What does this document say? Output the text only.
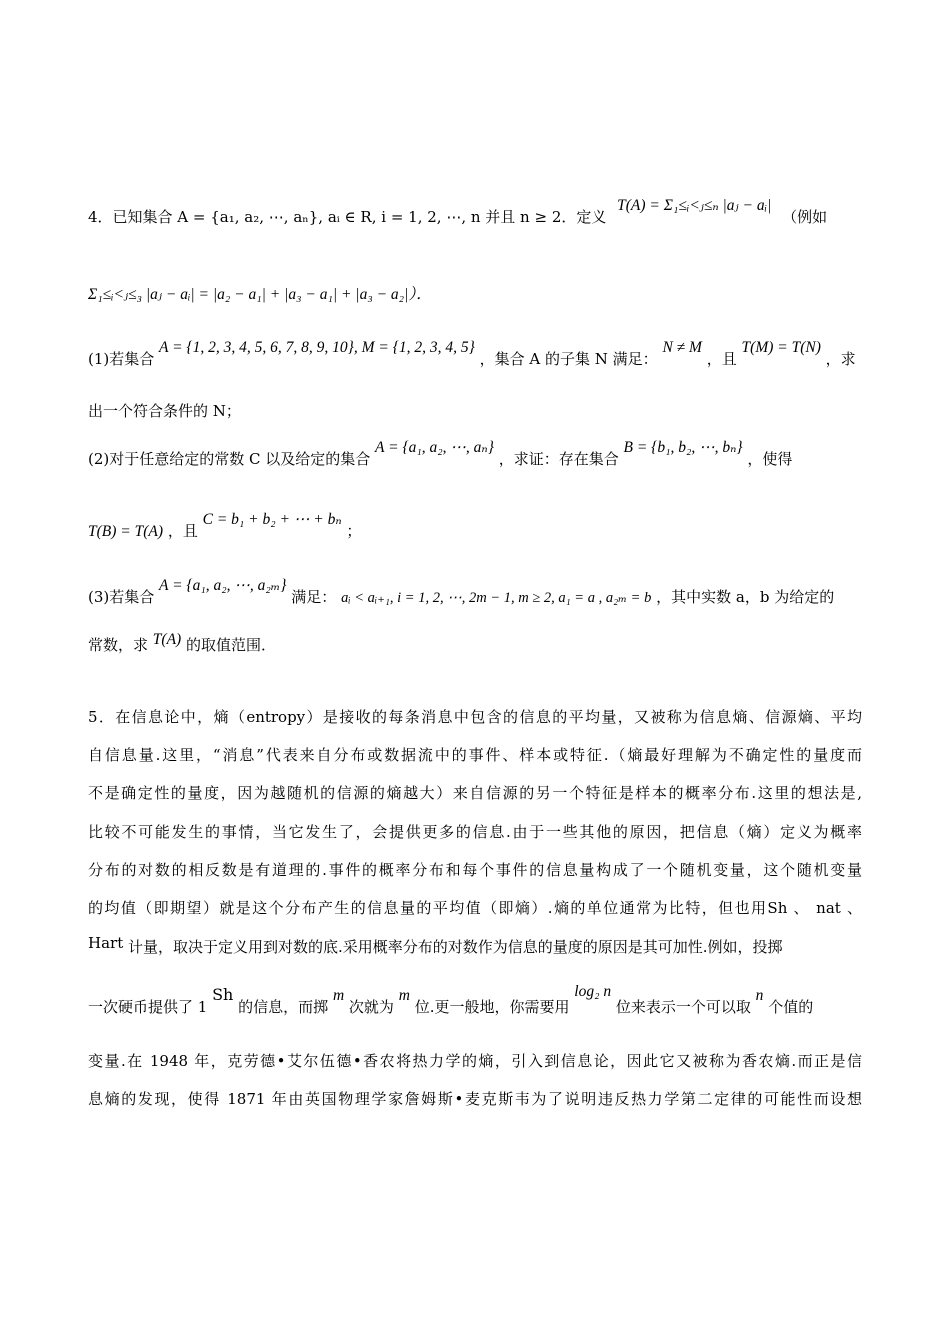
4．已知集合 A = {a₁, a₂, ⋯, aₙ}, aᵢ ∈ R, i = 1, 2, ⋯, n 并且 n ≥ 2．定义 T(A) = Σ₁≤ᵢ<ⱼ≤ₙ |aⱼ − aᵢ| （例如
Σ₁≤ᵢ<ⱼ≤₃ |aⱼ − aᵢ| = |a₂ − a₁| + |a₃ − a₁| + |a₃ − a₂|）．
(1)若集合 A = {1, 2, 3, 4, 5, 6, 7, 8, 9, 10}, M = {1, 2, 3, 4, 5} ，集合 A 的子集 N 满足： N ≠ M ，且 T(M) = T(N) ，求
出一个符合条件的 N；
(2)对于任意给定的常数 C 以及给定的集合 A = {a₁, a₂, ⋯, aₙ} ，求证：存在集合 B = {b₁, b₂, ⋯, bₙ} ，使得
T(B) = T(A) ，且 C = b₁ + b₂ + ⋯ + bₙ ；
(3)若集合 A = {a₁, a₂, ⋯, a₂ₘ} 满足： aᵢ < aᵢ₊₁, i = 1, 2, ⋯, 2m − 1, m ≥ 2, a₁ = a , a₂ₘ = b ，其中实数 a，b 为给定的
常数，求 T(A) 的取值范围．
5．在信息论中，熵（entropy）是接收的每条消息中包含的信息的平均量，又被称为信息熵、信源熵、平均
自信息量.这里，“消息”代表来自分布或数据流中的事件、样本或特征.（熵最好理解为不确定性的量度而
不是确定性的量度，因为越随机的信源的熵越大）来自信源的另一个特征是样本的概率分布.这里的想法是,
比较不可能发生的事情，当它发生了，会提供更多的信息.由于一些其他的原因，把信息（熵）定义为概率
分布的对数的相反数是有道理的.事件的概率分布和每个事件的信息量构成了一个随机变量，这个随机变量
的均值（即期望）就是这个分布产生的信息量的平均值（即熵）.熵的单位通常为比特，但也用Sh 、 nat 、
Hart 计量，取决于定义用到对数的底.采用概率分布的对数作为信息的量度的原因是其可加性.例如，投掷
一次硬币提供了 1 Sh 的信息，而掷 m 次就为 m 位.更一般地，你需要用 log₂ n 位来表示一个可以取 n 个值的
变量.在 1948 年，克劳德•艾尔伍德•香农将热力学的熵，引入到信息论，因此它又被称为香农熵.而正是信
息熵的发现，使得 1871 年由英国物理学家詹姆斯•麦克斯韦为了说明违反热力学第二定律的可能性而设想
